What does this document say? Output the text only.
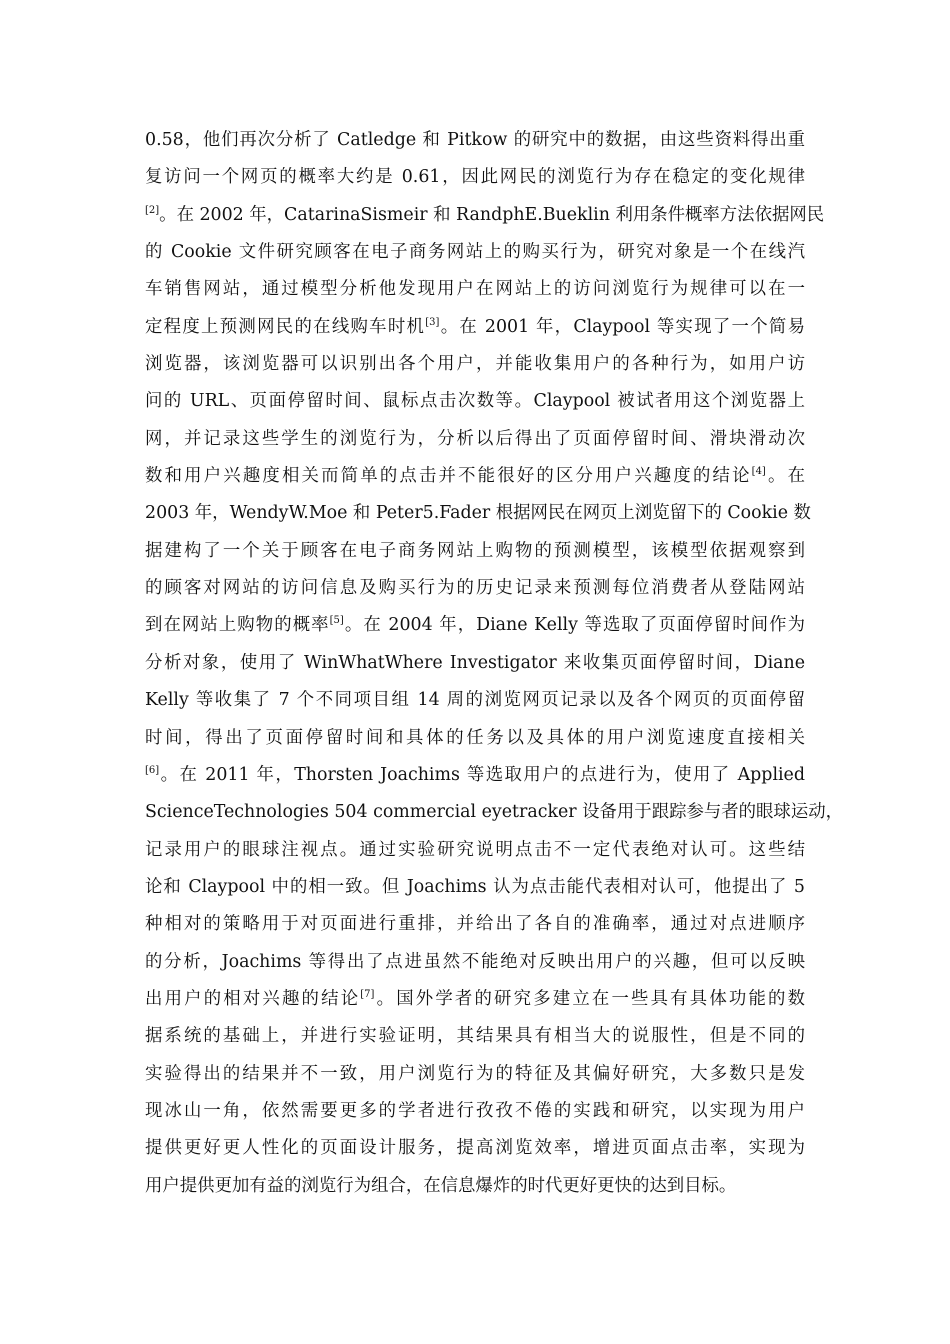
0.58，他们再次分析了 Catledge 和 Pitkow 的研究中的数据，由这些资料得出重
复访问一个网页的概率大约是 0.61，因此网民的浏览行为存在稳定的变化规律
[2]。在 2002 年，CatarinaSismeir 和 RandphE.Bueklin 利用条件概率方法依据网民
的 Cookie 文件研究顾客在电子商务网站上的购买行为，研究对象是一个在线汽
车销售网站，通过模型分析他发现用户在网站上的访问浏览行为规律可以在一
定程度上预测网民的在线购车时机[3]。在 2001 年，Claypool 等实现了一个简易
浏览器，该浏览器可以识别出各个用户，并能收集用户的各种行为，如用户访
问的 URL、页面停留时间、鼠标点击次数等。Claypool 被试者用这个浏览器上
网，并记录这些学生的浏览行为，分析以后得出了页面停留时间、滑块滑动次
数和用户兴趣度相关而简单的点击并不能很好的区分用户兴趣度的结论[4]。在
2003 年，WendyW.Moe 和 Peter5.Fader 根据网民在网页上浏览留下的 Cookie 数
据建构了一个关于顾客在电子商务网站上购物的预测模型，该模型依据观察到
的顾客对网站的访问信息及购买行为的历史记录来预测每位消费者从登陆网站
到在网站上购物的概率[5]。在 2004 年，Diane Kelly 等选取了页面停留时间作为
分析对象，使用了 WinWhatWhere Investigator 来收集页面停留时间，Diane
Kelly 等收集了 7 个不同项目组 14 周的浏览网页记录以及各个网页的页面停留
时间，得出了页面停留时间和具体的任务以及具体的用户浏览速度直接相关
[6]。在 2011 年，Thorsten Joachims 等选取用户的点进行为，使用了 Applied
ScienceTechnologies 504 commercial eyetracker 设备用于跟踪参与者的眼球运动，
记录用户的眼球注视点。通过实验研究说明点击不一定代表绝对认可。这些结
论和 Claypool 中的相一致。但 Joachims 认为点击能代表相对认可，他提出了 5
种相对的策略用于对页面进行重排，并给出了各自的准确率，通过对点进顺序
的分析，Joachims 等得出了点进虽然不能绝对反映出用户的兴趣，但可以反映
出用户的相对兴趣的结论[7]。国外学者的研究多建立在一些具有具体功能的数
据系统的基础上，并进行实验证明，其结果具有相当大的说服性，但是不同的
实验得出的结果并不一致，用户浏览行为的特征及其偏好研究，大多数只是发
现冰山一角，依然需要更多的学者进行孜孜不倦的实践和研究，以实现为用户
提供更好更人性化的页面设计服务，提高浏览效率，增进页面点击率，实现为
用户提供更加有益的浏览行为组合，在信息爆炸的时代更好更快的达到目标。
